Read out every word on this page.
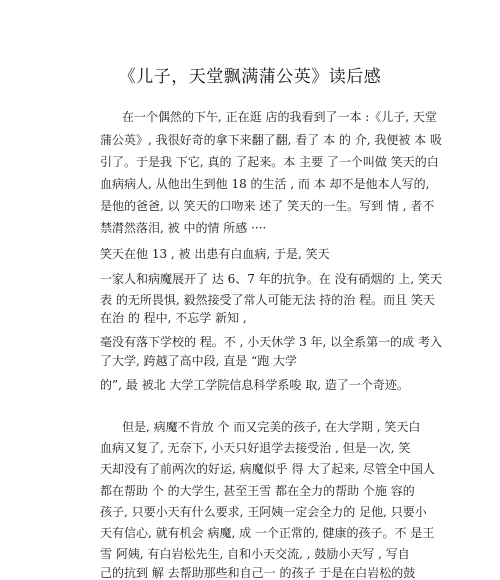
《儿子，天堂飘满蒲公英》读后感
在一个偶然的下午, 正在逛 店的我看到了一本 :《儿子, 天堂
蒲公英》, 我很好奇的拿下来翻了翻, 看了 本 的 介, 我便被 本 吸
引了。于是我 下它, 真的 了起来。本 主要 了一个叫做 笑天的白
血病病人, 从他出生到他 18 的生活 , 而 本 却不是他本人写的,
是他的爸爸, 以 笑天的口吻来 述了 笑天的一生。写到 情 , 者不
禁潸然落泪, 被 中的情 所感 ····
笑天在他 13 , 被 出患有白血病, 于是, 笑天
一家人和病魔展开了 达 6、7 年的抗争。在 没有硝烟的 上, 笑天
表 的无所畏惧, 毅然接受了常人可能无法 持的治 程。而且 笑天
在治 的 程中, 不忘学 新知 ,
毫没有落下学校的 程。不 , 小天休学 3 年, 以全系第一的成 考入
了大学, 跨越了高中段, 直是 “跑 大学
的”, 最 被北 大学工学院信息科学系唆 取, 造了一个奇迹。
但是, 病魔不肯放 个 而又完美的孩子, 在大学期 , 笑天白
血病又复了, 无奈下, 小天只好退学去接受治 , 但是一次, 笑
天却没有了前两次的好运, 病魔似乎 得 大了起来, 尽管全中国人
都在帮助 个 的大学生, 甚至王雪 都在全力的帮助 个施 容的
孩子, 只要小天有什么要求, 王阿姨一定会全力的 足他, 只要小
天有信心, 就有机会 病魔, 成 一个正常的, 健康的孩子。不 是王
雪 阿姨, 有白岩松先生, 自和小天交流, , 鼓励小天写 , 写自
己的抗到 解 去帮助那些和自己一 的孩子 于是在白岩松的鼓
